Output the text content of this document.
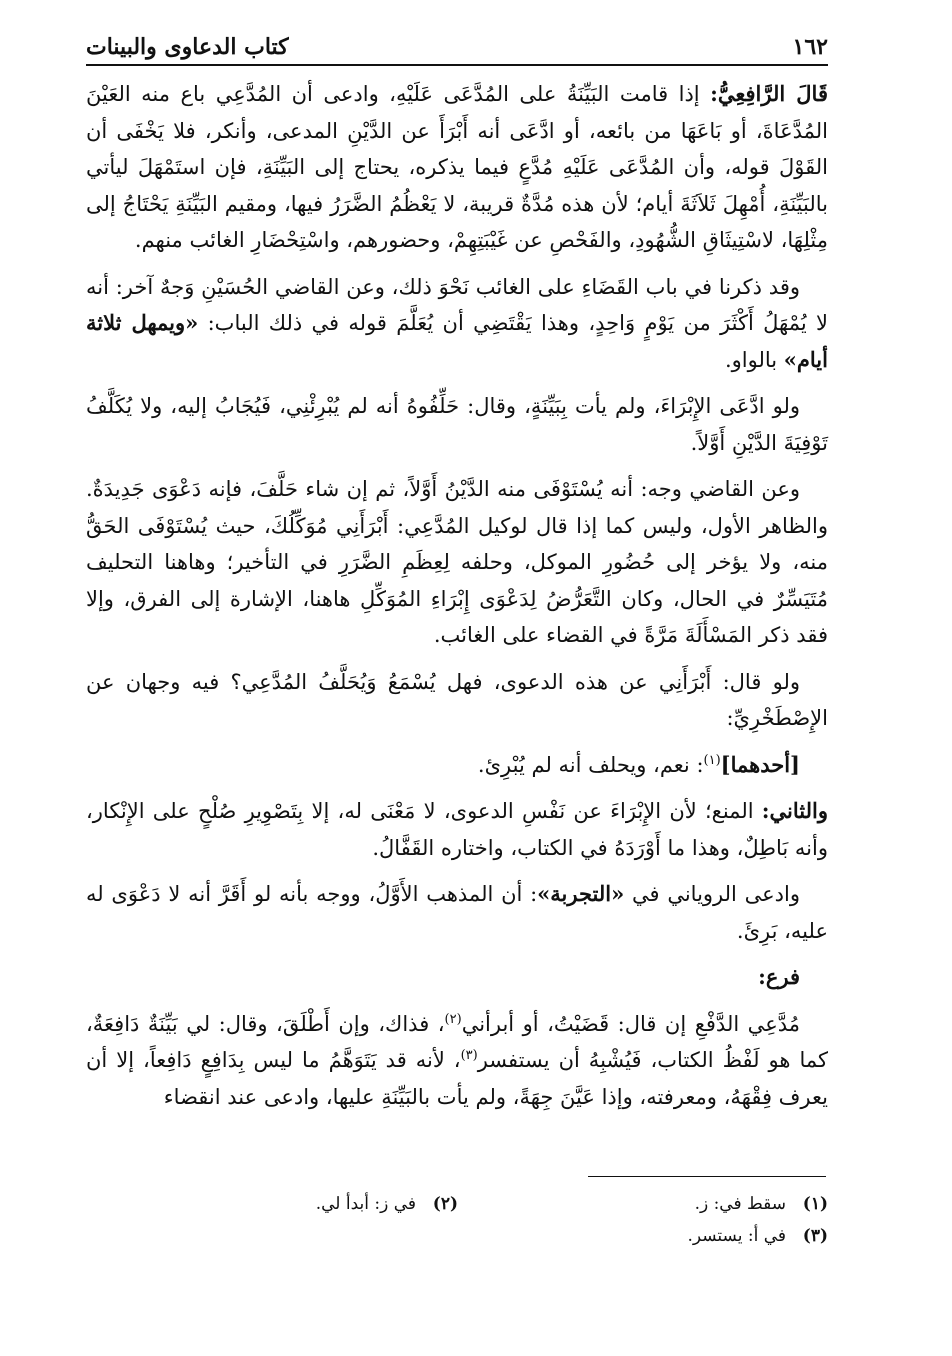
١٦٢
كتاب الدعاوى والبينات

قَالَ الرَّافِعِيُّ: إذا قامت البَيِّنَةُ على المُدَّعَى عَلَيْهِ، وادعى أن المُدَّعِي باع منه العَيْنَ المُدَّعَاةَ، أو بَاعَهَا من بائعه، أو ادَّعَى أنه أَبْرَأَ عن الدَّيْنِ المدعى، وأنكر، فلا يَخْفَى أن القَوْلَ قوله، وأن المُدَّعَى عَلَيْهِ مُدَّعٍ فيما يذكره، يحتاج إلى البَيِّنَةِ، فإن استَمْهَلَ ليأتي بالبَيِّنَةِ، أُمْهِلَ ثَلاَثَةَ أيام؛ لأن هذه مُدَّةٌ قريبة، لا يَعْظُمُ الضَّرَرُ فيها، ومقيم البَيِّنَةِ يَحْتَاجُ إلى مِثْلِهَا، لاسْتِيثَاقِ الشُّهُودِ، والفَحْصِ عن غَيْبَتِهِمْ، وحضورهم، واسْتِحْضَارِ الغائب منهم.

وقد ذكرنا في باب القَضَاءِ على الغائب نَحْوَ ذلك، وعن القاضي الحُسَيْنِ وَجهٌ آخر: أنه لا يُمْهَلُ أَكْثَرَ من يَوْمٍ وَاحِدٍ، وهذا يَقْتَضِي أن يُعَلَّمَ قوله في ذلك الباب: «ويمهل ثلاثة أيام» بالواو.

ولو ادَّعَى الإِبْرَاءَ، ولم يأت بِبَيِّنَةٍ، وقال: حَلِّفُوهُ أنه لم يُبْرِئْنِي، فَيُجَابُ إليه، ولا يُكَلَّفُ تَوْفِيَةَ الدَّيْنِ أَوَّلاً.

وعن القاضي وجه: أنه يُسْتَوْفَى منه الدَّيْنُ أَوَّلاً، ثم إن شاء حَلَّفَ، فإنه دَعْوَى جَدِيدَةٌ. والظاهر الأول، وليس كما إذا قال لوكيل المُدَّعِي: أَبْرَأَنِي مُوَكِّلُكَ، حيث يُسْتَوْفَى الحَقُّ منه، ولا يؤخر إلى حُضُورِ الموكل، وحلفه لِعِظَمِ الضَّرَرِ في التأخير؛ وهاهنا التحليف مُتَيَسِّرٌ في الحال، وكان التَّعَرُّضُ لِدَعْوَى إِبْرَاءِ المُوَكِّلِ هاهنا، الإشارة إلى الفرق، وإلا فقد ذكر المَسْأَلَةَ مَرَّةً في القضاء على الغائب.

ولو قال: أَبْرَأَنِي عن هذه الدعوى، فهل يُسْمَعُ وَيُحَلَّفُ المُدَّعِي؟ فيه وجهان عن الإِصْطَخْرِيِّ:

[أحدهما]$^{(١)}$: نعم، ويحلف أنه لم يُبْرِئ.

والثاني: المنع؛ لأن الإِبْرَاءَ عن نَفْسِ الدعوى، لا مَعْنَى له، إلا بِتَصْوِيرِ صُلْحٍ على الإِنْكار، وأنه بَاطِلٌ، وهذا ما أَوْرَدَهُ في الكتاب، واختاره القَفَّالُ.

وادعى الروياني في «التجربة»: أن المذهب الأَوَّلُ، ووجه بأنه لو أَقَرَّ أنه لا دَعْوَى له عليه، بَرِئَ.

فرع:

مُدَّعِي الدَّفْعِ إن قال: قَضَيْتُ، أو أبرأني$^{(٢)}$، فذاك، وإن أَطْلَقَ، وقال: لي بَيِّنَةٌ دَافِعَةٌ، كما هو لَفْظُ الكتاب، فَيُشْبِهُ أن يستفسر$^{(٣)}$، لأنه قد يَتَوَهَّمُ ما ليس بِدَافِعٍ دَافِعاً، إلا أن يعرف فِقْهَهُ، ومعرفته، وإذا عَيَّنَ جِهَةً، ولم يأت بالبَيِّنَةِ عليها، وادعى عند انقضاء

(١)سقط في: ز.
(٢)في ز: أبدأ لي.
(٣)في أ: يستسر.
